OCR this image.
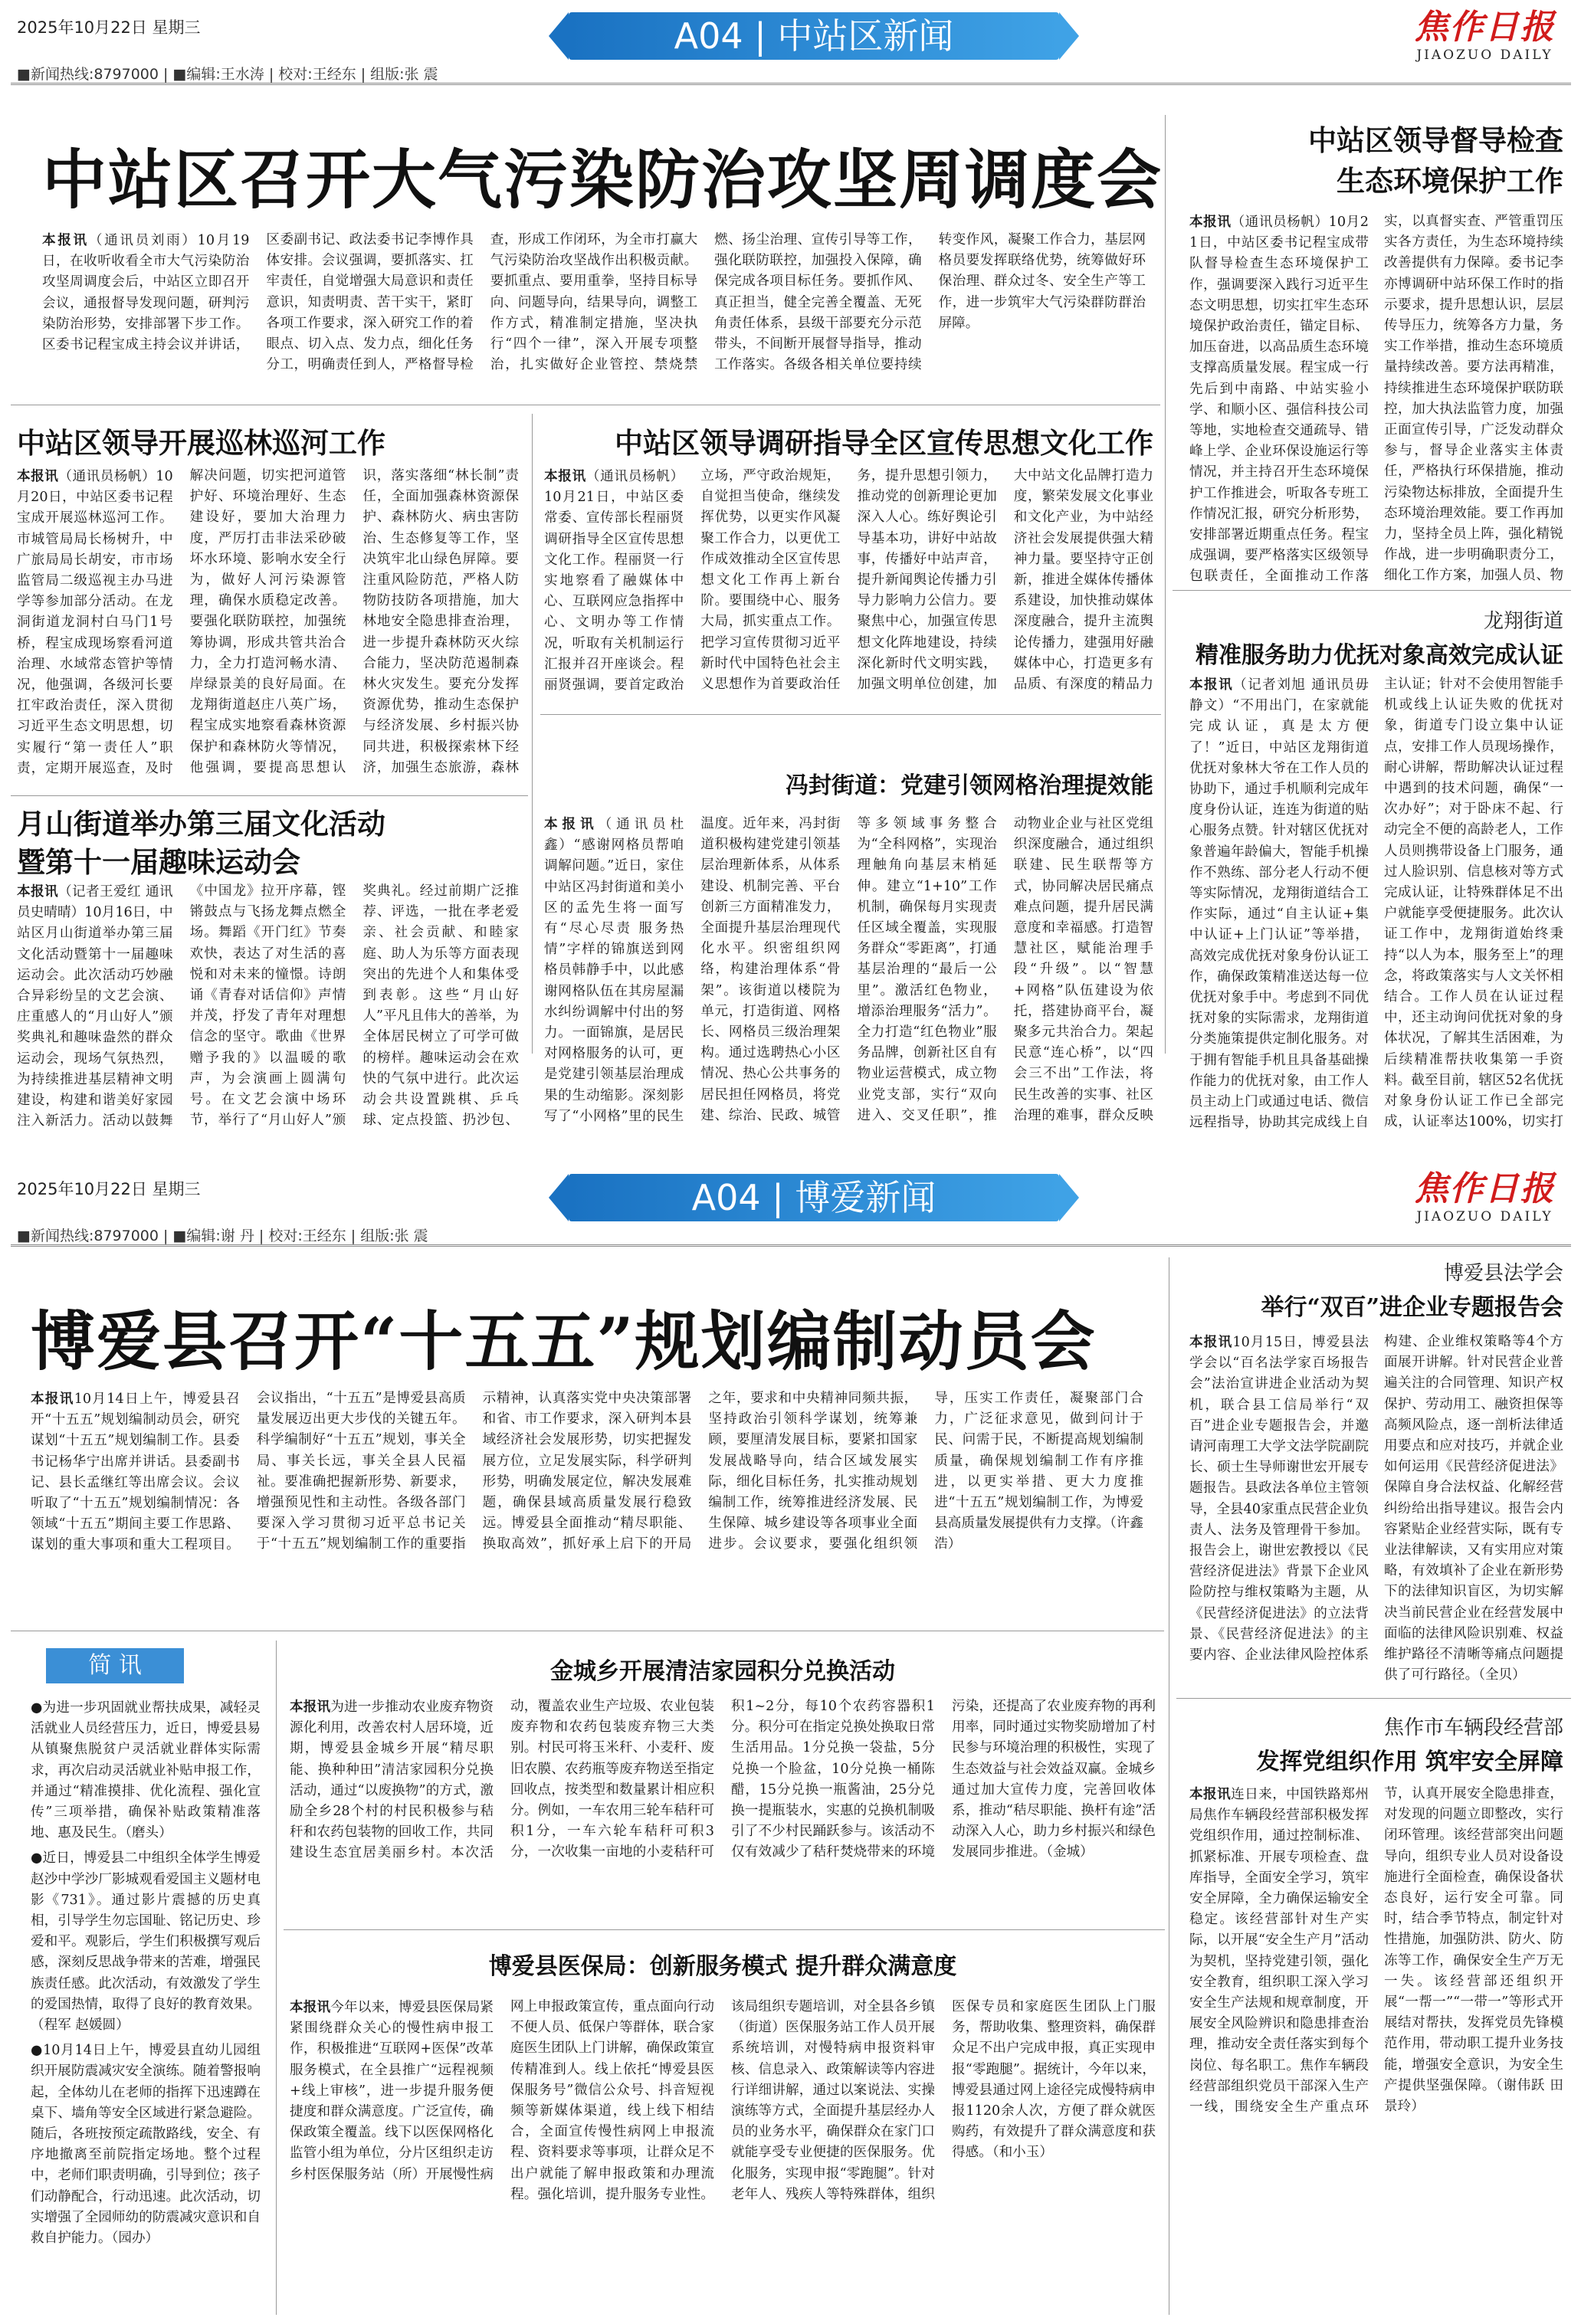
2025年10月22日 星期三	A04 | 中站区新闻	焦作日报
JIAOZUO DAILY
■新闻热线:8797000 | ■编辑:王水涛 | 校对:王经东 | 组版:张 震
中站区召开大气污染防治攻坚周调度会
本报讯（通讯员刘雨）10月19日，在收听收看全市大气污染防治攻坚周调度会后，中站区立即召开会议，通报督导发现问题，研判污染防治形势，安排部署下步工作。区委书记程宝成主持会议并讲话，区委副书记、政法委书记李博作具体安排。会议强调，要抓落实、扛牢责任，自觉增强大局意识和责任意识，知责明责、苦干实干，紧盯各项工作要求，深入研究工作的着眼点、切入点、发力点，细化任务分工，明确责任到人，严格督导检查，形成工作闭环，为全市打赢大气污染防治攻坚战作出积极贡献。要抓重点、要用重拳，坚持目标导向、问题导向，结果导向，调整工作方式，精准制定措施，坚决执行“四个一律”，深入开展专项整治，扎实做好企业管控、禁烧禁燃、扬尘治理、宣传引导等工作，强化联防联控，加强投入保障，确保完成各项目标任务。要抓作风、真正担当，健全完善全覆盖、无死角责任体系，县级干部要充分示范带头，不间断开展督导指导，推动工作落实。各级各相关单位要持续转变作风，凝聚工作合力，基层网格员要发挥联络优势，统筹做好环保治理、群众过冬、安全生产等工作，进一步筑牢大气污染群防群治屏障。
中站区领导督导检查
生态环境保护工作
本报讯（通讯员杨帆）10月21日，中站区委书记程宝成带队督导检查生态环境保护工作，强调要深入践行习近平生态文明思想，切实扛牢生态环境保护政治责任，锚定目标、加压奋进，以高品质生态环境支撑高质量发展。程宝成一行先后到中南路、中站实验小学、和顺小区、强信科技公司等地，实地检查交通疏导、错峰上学、企业环保设施运行等情况，并主持召开生态环境保护工作推进会，听取各专班工作情况汇报，研究分析形势，安排部署近期重点任务。程宝成强调，要严格落实区级领导包联责任，全面推动工作落实，以真督实查、严管重罚压实各方责任，为生态环境持续改善提供有力保障。委书记李亦博调研中站环保工作时的指示要求，提升思想认识，层层传导压力，统筹各方力量，务实工作举措，推动生态环境质量持续改善。要方法再精准，持续推进生态环境保护联防联控，加大执法监管力度，加强正面宣传引导，广泛发动群众参与，督导企业落实主体责任，严格执行环保措施，推动污染物达标排放，全面提升生态环境治理效能。要工作再加力，坚持全员上阵，强化精锐作战，进一步明确职责分工，细化工作方案，加强人员、物
中站区领导开展巡林巡河工作
本报讯（通讯员杨帆）10月20日，中站区委书记程宝成开展巡林巡河工作。市城管局局长杨树升，中广旅局局长胡安，市市场监管局二级巡视主办马进学等参加部分活动。在龙洞街道龙洞村白马门1号桥，程宝成现场察看河道治理、水域常态管护等情况，他强调，各级河长要扛牢政治责任，深入贯彻习近平生态文明思想，切实履行“第一责任人”职责，定期开展巡查，及时解决问题，切实把河道管护好、环境治理好、生态建设好，要加大治理力度，严厉打击非法采砂破坏水环境、影响水安全行为，做好人河污染源管理，确保水质稳定改善。要强化联防联控，加强统筹协调，形成共管共治合力，全力打造河畅水清、岸绿景美的良好局面。在龙翔街道赵庄八英广场，程宝成实地察看森林资源保护和森林防火等情况，他强调，要提高思想认识，落实落细“林长制”责任，全面加强森林资源保护、森林防火、病虫害防治、生态修复等工作，坚决筑牢北山绿色屏障。要注重风险防范，严格人防物防技防各项措施，加大林地安全隐患排查治理，进一步提升森林防灭火综合能力，坚决防范遏制森林火灾发生。要充分发挥资源优势，推动生态保护与经济发展、乡村振兴协同共进，积极探索林下经济，加强生态旅游，森林
中站区领导调研指导全区宣传思想文化工作
本报讯（通讯员杨帆）10月21日，中站区委常委、宣传部长程丽贤调研指导全区宣传思想文化工作。程丽贤一行实地察看了融媒体中心、互联网应急指挥中心、文明办等工作情况，听取有关机制运行汇报并召开座谈会。程丽贤强调，要首定政治立场，严守政治规矩，自觉担当使命，继续发挥优势，以更实作风凝聚工作合力，以更优工作成效推动全区宣传思想文化工作再上新台阶。要围绕中心、服务大局，抓实重点工作。把学习宣传贯彻习近平新时代中国特色社会主义思想作为首要政治任务，提升思想引领力，推动党的创新理论更加深入人心。练好舆论引导基本功，讲好中站故事，传播好中站声音，提升新闻舆论传播力引导力影响力公信力。要聚焦中心，加强宣传思想文化阵地建设，持续深化新时代文明实践，加强文明单位创建，加大中站文化品牌打造力度，繁荣发展文化事业和文化产业，为中站经济社会发展提供强大精神力量。要坚持守正创新，推进全媒体传播体系建设，加快推动媒体深度融合，提升主流舆论传播力，建强用好融媒体中心，打造更多有品质、有深度的精品力
月山街道举办第三届文化活动
暨第十一届趣味运动会
本报讯（记者王爱红 通讯员史晴晴）10月16日，中站区月山街道举办第三届文化活动暨第十一届趣味运动会。此次活动巧妙融合异彩纷呈的文艺会演、庄重感人的“月山好人”颁奖典礼和趣味盎然的群众运动会，现场气氛热烈，为持续推进基层精神文明建设，构建和谐美好家园注入新活力。活动以鼓舞《中国龙》拉开序幕，铿锵鼓点与飞扬龙舞点燃全场。舞蹈《开门红》节奏欢快，表达了对生活的喜悦和对未来的憧憬。诗朗诵《青春对话信仰》声情并茂，抒发了青年对理想信念的坚守。歌曲《世界赠予我的》以温暖的歌声，为会演画上圆满句号。在文艺会演中场环节，举行了“月山好人”颁奖典礼。经过前期广泛推荐、评选，一批在孝老爱亲、社会贡献、和睦家庭、助人为乐等方面表现突出的先进个人和集体受到表彰。这些“月山好人”平凡且伟大的善举，为全体居民树立了可学可做的榜样。趣味运动会在欢快的气氛中进行。此次运动会共设置跳棋、乒乓球、定点投篮、扔沙包、
冯封街道：党建引领网格治理提效能
本报讯（通讯员杜鑫）“感谢网格员帮咱调解问题。”近日，家住中站区冯封街道和美小区的孟先生将一面写有“尽心尽责 服务热情”字样的锦旗送到网格员韩静手中，以此感谢网格队伍在其房屋漏水纠纷调解中付出的努力。一面锦旗，是居民对网格服务的认可，更是党建引领基层治理成果的生动缩影。深刻影写了“小网格”里的民生温度。近年来，冯封街道积极构建党建引领基层治理新体系，从体系建设、机制完善、平台创新三方面精准发力，全面提升基层治理现代化水平。织密组织网络，构建治理体系“骨架”。该街道以楼院为单元，打造街道、网格长、网格员三级治理架构。通过选聘热心小区情况、热心公共事务的居民担任网格员，将党建、综治、民政、城管等多领域事务整合为“全科网格”，实现治理触角向基层末梢延伸。建立“1+10”工作机制，确保每月实现责任区域全覆盖，实现服务群众“零距离”，打通基层治理的“最后一公里”。激活红色物业，增添治理服务“活力”。全力打造“红色物业”服务品牌，创新社区自有物业运营模式，成立物业党支部，实行“双向进入、交叉任职”，推动物业企业与社区党组织深度融合，通过组织联建、民生联帮等方式，协同解决居民痛点难点问题，提升居民满意度和幸福感。打造智慧社区，赋能治理手段“升级”。以“智慧+网格”队伍建设为依托，搭建协商平台，凝聚多元共治合力。架起民意“连心桥”，以“四会三不出”工作法，将民生改善的实事、社区治理的难事，群众反映
龙翔街道
精准服务助力优抚对象高效完成认证
本报讯（记者刘旭 通讯员毋静文）“不用出门，在家就能完成认证，真是太方便了！”近日，中站区龙翔街道优抚对象林大爷在工作人员的协助下，通过手机顺利完成年度身份认证，连连为街道的贴心服务点赞。针对辖区优抚对象普遍年龄偏大，智能手机操作不熟练、部分老人行动不便等实际情况，龙翔街道结合工作实际，通过“自主认证+集中认证+上门认证”等举措，高效完成优抚对象身份认证工作，确保政策精准送达每一位优抚对象手中。考虑到不同优抚对象的实际需求，龙翔街道分类施策提供定制化服务。对于拥有智能手机且具备基础操作能力的优抚对象，由工作人员主动上门或通过电话、微信远程指导，协助其完成线上自主认证；针对不会使用智能手机或线上认证失败的优抚对象，街道专门设立集中认证点，安排工作人员现场操作，耐心讲解，帮助解决认证过程中遇到的技术问题，确保“一次办好”；对于卧床不起、行动完全不便的高龄老人，工作人员则携带设备上门服务，通过人脸识别、信息核对等方式完成认证，让特殊群体足不出户就能享受便捷服务。此次认证工作中，龙翔街道始终秉持“以人为本，服务至上”的理念，将政策落实与人文关怀相结合。工作人员在认证过程中，还主动询问优抚对象的身体状况，了解其生活困难，为后续精准帮扶收集第一手资料。截至目前，辖区52名优抚对象身份认证工作已全部完成，认证率达100%，切实打
2025年10月22日 星期三	A04 | 博爱新闻	焦作日报
JIAOZUO DAILY
■新闻热线:8797000 | ■编辑:谢 丹 | 校对:王经东 | 组版:张 震
博爱县召开“十五五”规划编制动员会
本报讯10月14日上午，博爱县召开“十五五”规划编制动员会，研究谋划“十五五”规划编制工作。县委书记杨华宁出席并讲话。县委副书记、县长孟继红等出席会议。会议听取了“十五五”规划编制情况：各领域“十五五”期间主要工作思路、谋划的重大事项和重大工程项目。会议指出，“十五五”是博爱县高质量发展迈出更大步伐的关键五年。科学编制好“十五五”规划，事关全局、事关长远，事关全县人民福祉。要准确把握新形势、新要求，增强预见性和主动性。各级各部门要深入学习贯彻习近平总书记关于“十五五”规划编制工作的重要指示精神，认真落实党中央决策部署和省、市工作要求，深入研判本县域经济社会发展形势，切实把握发展方位，立足发展实际，科学研判形势，明确发展定位，解决发展难题，确保县域高质量发展行稳致远。博爱县全面推动“精尽职能、换取高效”，抓好承上启下的开局之年，要求和中央精神同频共振，坚持政治引领科学谋划，统筹兼顾，要厘清发展目标，要紧扣国家发展战略导向，结合区域发展实际，细化目标任务，扎实推动规划编制工作，统筹推进经济发展、民生保障、城乡建设等各项事业全面进步。会议要求，要强化组织领导，压实工作责任，凝聚部门合力，广泛征求意见，做到问计于民、问需于民，不断提高规划编制质量，确保规划编制工作有序推进，以更实举措、更大力度推进“十五五”规划编制工作，为博爱县高质量发展提供有力支撑。（许鑫浩）
博爱县法学会
举行“双百”进企业专题报告会
本报讯10月15日，博爱县法学会以“百名法学家百场报告会”法治宣讲进企业活动为契机，联合县工信局举行“双百”进企业专题报告会，并邀请河南理工大学文法学院副院长、硕士生导师谢世宏开展专题报告。县政法各单位主管领导，全县40家重点民营企业负责人、法务及管理骨干参加。报告会上，谢世宏教授以《民营经济促进法》背景下企业风险防控与维权策略为主题，从《民营经济促进法》的立法背景、《民营经济促进法》的主要内容、企业法律风险控体系构建、企业维权策略等4个方面展开讲解。针对民营企业普遍关注的合同管理、知识产权保护、劳动用工、融资担保等高频风险点，逐一剖析法律适用要点和应对技巧，并就企业如何运用《民营经济促进法》保障自身合法权益、化解经营纠纷给出指导建议。报告会内容紧贴企业经营实际，既有专业法律解读，又有实用应对策略，有效填补了企业在新形势下的法律知识盲区，为切实解决当前民营企业在经营发展中面临的法律风险识别难、权益维护路径不清晰等痛点问题提供了可行路径。（全贝）
简 讯

●为进一步巩固就业帮扶成果，减轻灵活就业人员经营压力，近日，博爱县易从镇聚焦脱贫户灵活就业群体实际需求，再次启动灵活就业补贴申报工作，并通过“精准摸排、优化流程、强化宣传”三项举措，确保补贴政策精准落地、惠及民生。（磨头）

●近日，博爱县二中组织全体学生博爱赵沙中学沙厂影城观看爱国主义题材电影《731》。通过影片震撼的历史真相，引导学生勿忘国耻、铭记历史、珍爱和平。观影后，学生们积极撰写观后感，深刻反思战争带来的苦难，增强民族责任感。此次活动，有效激发了学生的爱国热情，取得了良好的教育效果。（程军 赵媛圆）

●10月14日上午，博爱县直幼儿园组织开展防震减灾安全演练。随着警报响起，全体幼儿在老师的指挥下迅速蹲在桌下、墙角等安全区域进行紧急避险。随后，各班按预定疏散路线，安全、有序地撤离至前院指定场地。整个过程中，老师们职责明确，引导到位；孩子们动静配合，行动迅速。此次活动，切实增强了全园师幼的防震减灾意识和自救自护能力。（园办）

金城乡开展清洁家园积分兑换活动
本报讯为进一步推动农业废弃物资源化利用，改善农村人居环境，近期，博爱县金城乡开展“精尽职能、换种种田”清洁家园积分兑换活动，通过“以废换物”的方式，激励全乡28个村的村民积极参与秸秆和农药包装物的回收工作，共同建设生态宜居美丽乡村。本次活动，覆盖农业生产垃圾、农业包装废弃物和农药包装废弃物三大类别。村民可将玉米秆、小麦秆、废旧农膜、农药瓶等废弃物送至指定回收点，按类型和数量累计相应积分。例如，一车农用三轮车秸秆可积1分，一车六轮车秸秆可积3分，一次收集一亩地的小麦秸秆可积1~2分，每10个农药容器积1分。积分可在指定兑换处换取日常生活用品。1分兑换一袋盐，5分兑换一个脸盆，10分兑换一桶陈醋，15分兑换一瓶酱油，25分兑换一提瓶装水，实惠的兑换机制吸引了不少村民踊跃参与。该活动不仅有效减少了秸秆焚烧带来的环境污染，还提高了农业废弃物的再利用率，同时通过实物奖励增加了村民参与环境治理的积极性，实现了生态效益与社会效益双赢。金城乡通过加大宣传力度，完善回收体系，推动“秸尽职能、换杆有途”活动深入人心，助力乡村振兴和绿色发展同步推进。（金城）
博爱县医保局：创新服务模式 提升群众满意度
本报讯今年以来，博爱县医保局紧紧围绕群众关心的慢性病申报工作，积极推进“互联网+医保”改革服务模式，在全县推广“远程视频+线上审核”，进一步提升服务便捷度和群众满意度。广泛宣传，确保政策全覆盖。线下以医保网格化监管小组为单位，分片区组织走访乡村医保服务站（所）开展慢性病网上申报政策宣传，重点面向行动不便人员、低保户等群体，联合家庭医生团队上门讲解，确保政策宣传精准到人。线上依托“博爱县医保服务号”微信公众号、抖音短视频等新媒体渠道，线上线下相结合，全面宣传慢性病网上申报流程、资料要求等事项，让群众足不出户就能了解申报政策和办理流程。强化培训，提升服务专业性。该局组织专题培训，对全县各乡镇（街道）医保服务站工作人员开展系统培训，对慢特病申报资料审核、信息录入、政策解读等内容进行详细讲解，通过以案说法、实操演练等方式，全面提升基层经办人员的业务水平，确保群众在家门口就能享受专业便捷的医保服务。优化服务，实现申报“零跑腿”。针对老年人、残疾人等特殊群体，组织医保专员和家庭医生团队上门服务，帮助收集、整理资料，确保群众足不出户完成申报，真正实现申报“零跑腿”。据统计，今年以来，博爱县通过网上途径完成慢特病申报1120余人次，方便了群众就医购药，有效提升了群众满意度和获得感。（和小玉）
焦作市车辆段经营部
发挥党组织作用 筑牢安全屏障
本报讯连日来，中国铁路郑州局焦作车辆段经营部积极发挥党组织作用，通过控制标准、抓紧标准、开展专项检查、盘库指导，全面安全学习，筑牢安全屏障，全力确保运输安全稳定。该经营部针对生产实际，以开展“安全生产月”活动为契机，坚持党建引领，强化安全教育，组织职工深入学习安全生产法规和规章制度，开展安全风险辨识和隐患排查治理，推动安全责任落实到每个岗位、每名职工。焦作车辆段经营部组织党员干部深入生产一线，围绕安全生产重点环节，认真开展安全隐患排查，对发现的问题立即整改，实行闭环管理。该经营部突出问题导向，组织专业人员对设备设施进行全面检查，确保设备状态良好，运行安全可靠。同时，结合季节特点，制定针对性措施，加强防洪、防火、防冻等工作，确保安全生产万无一失。该经营部还组织开展“一帮一”“一带一”等形式开展结对帮扶，发挥党员先锋模范作用，带动职工提升业务技能，增强安全意识，为安全生产提供坚强保障。（谢伟跃 田景玲）
